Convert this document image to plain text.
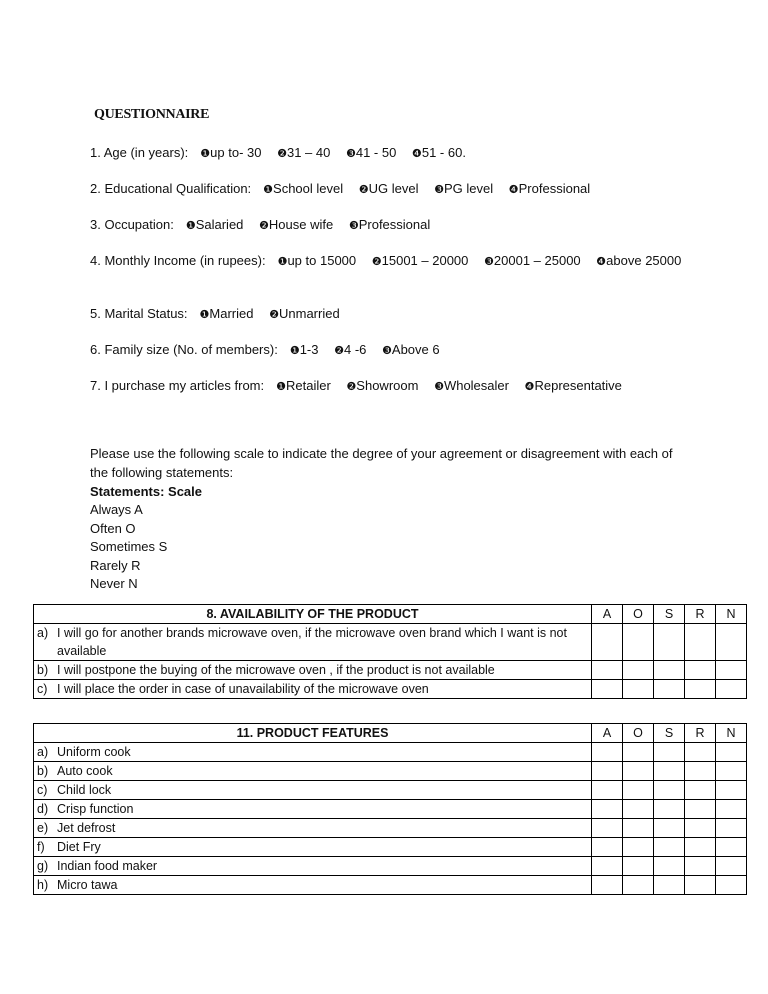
QUESTIONNAIRE
1. Age (in years): ❶up to- 30 ❷31 – 40 ❸41 - 50 ❹51 - 60.
2. Educational Qualification: ❶School level ❷UG level ❸PG level ❹Professional
3. Occupation: ❶Salaried ❷House wife ❸Professional
4. Monthly Income (in rupees): ❶up to 15000 ❷15001 – 20000 ❸20001 – 25000 ❹above 25000
5. Marital Status: ❶Married ❷Unmarried
6. Family size (No. of members): ❶1-3 ❷4 -6 ❸Above 6
7. I purchase my articles from: ❶Retailer ❷Showroom ❸Wholesaler ❹Representative
Please use the following scale to indicate the degree of your agreement or disagreement with each of the following statements:
Statements: Scale
Always A
Often O
Sometimes S
Rarely R
Never N
8. AVAILABILITY OF THE PRODUCT	A	O	S	R	N
a) I will go for another brands microwave oven, if the microwave oven brand which I want is not available					
b) I will postpone the buying of the microwave oven , if the product is not available					
c) I will place the order in case of unavailability of the microwave oven					
11. PRODUCT FEATURES	A	O	S	R	N
a) Uniform cook					
b) Auto cook					
c) Child lock					
d) Crisp function					
e) Jet defrost					
f) Diet Fry					
g) Indian food maker					
h) Micro tawa					
